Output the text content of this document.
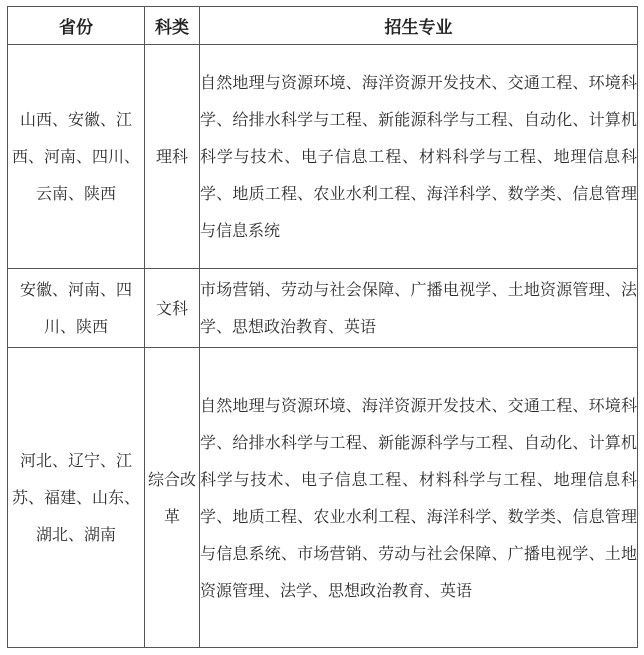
省份	科类	招生专业

山西、安徽、江西、河南、四川、云南、陕西	理科	自然地理与资源环境、海洋资源开发技术、交通工程、环境科学、给排水科学与工程、新能源科学与工程、自动化、计算机科学与技术、电子信息工程、材料科学与工程、地理信息科学、地质工程、农业水利工程、海洋科学、数学类、信息管理与信息系统

安徽、河南、四川、陕西	文科	市场营销、劳动与社会保障、广播电视学、土地资源管理、法学、思想政治教育、英语

河北、辽宁、江苏、福建、山东、湖北、湖南	综合改革	自然地理与资源环境、海洋资源开发技术、交通工程、环境科学、给排水科学与工程、新能源科学与工程、自动化、计算机科学与技术、电子信息工程、材料科学与工程、地理信息科学、地质工程、农业水利工程、海洋科学、数学类、信息管理与信息系统、市场营销、劳动与社会保障、广播电视学、土地资源管理、法学、思想政治教育、英语
